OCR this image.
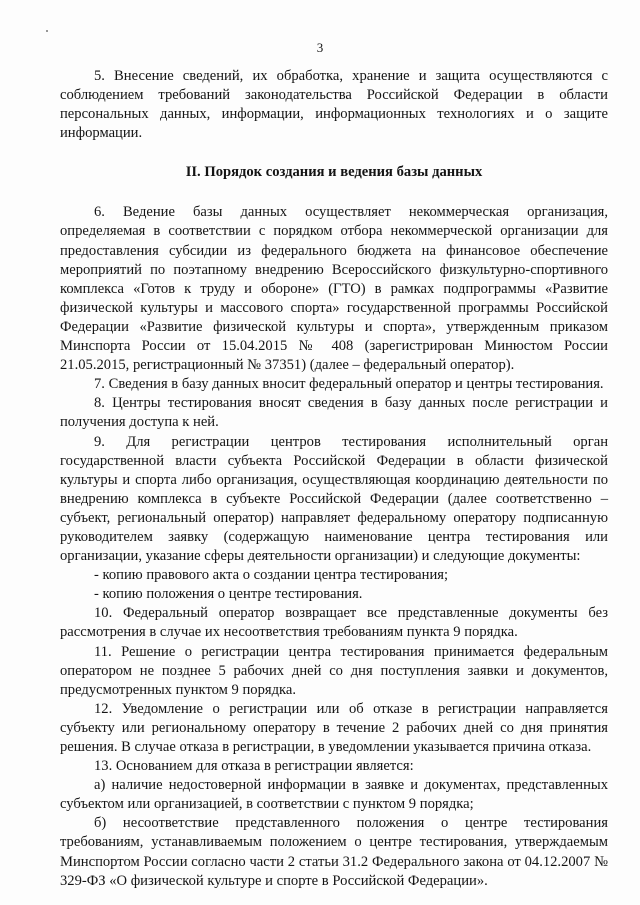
3

5. Внесение сведений, их обработка, хранение и защита осуществляются с соблюдением требований законодательства Российской Федерации в области персональных данных, информации, информационных технологиях и о защите информации.

II. Порядок создания и ведения базы данных

6. Ведение базы данных осуществляет некоммерческая организация, определяемая в соответствии с порядком отбора некоммерческой организации для предоставления субсидии из федерального бюджета на финансовое обеспечение мероприятий по поэтапному внедрению Всероссийского физкультурно-спортивного комплекса «Готов к труду и обороне» (ГТО) в рамках подпрограммы «Развитие физической культуры и массового спорта» государственной программы Российской Федерации «Развитие физической культуры и спорта», утвержденным приказом Минспорта России от 15.04.2015 № 408 (зарегистрирован Минюстом России 21.05.2015, регистрационный № 37351) (далее – федеральный оператор).

7. Сведения в базу данных вносит федеральный оператор и центры тестирования.

8. Центры тестирования вносят сведения в базу данных после регистрации и получения доступа к ней.

9. Для регистрации центров тестирования исполнительный орган государственной власти субъекта Российской Федерации в области физической культуры и спорта либо организация, осуществляющая координацию деятельности по внедрению комплекса в субъекте Российской Федерации (далее соответственно – субъект, региональный оператор) направляет федеральному оператору подписанную руководителем заявку (содержащую наименование центра тестирования или организации, указание сферы деятельности организации) и следующие документы:

- копию правового акта о создании центра тестирования;

- копию положения о центре тестирования.

10. Федеральный оператор возвращает все представленные документы без рассмотрения в случае их несоответствия требованиям пункта 9 порядка.

11. Решение о регистрации центра тестирования принимается федеральным оператором не позднее 5 рабочих дней со дня поступления заявки и документов, предусмотренных пунктом 9 порядка.

12. Уведомление о регистрации или об отказе в регистрации направляется субъекту или региональному оператору в течение 2 рабочих дней со дня принятия решения. В случае отказа в регистрации, в уведомлении указывается причина отказа.

13. Основанием для отказа в регистрации является:

а) наличие недостоверной информации в заявке и документах, представленных субъектом или организацией, в соответствии с пунктом 9 порядка;

б) несоответствие представленного положения о центре тестирования требованиям, устанавливаемым положением о центре тестирования, утверждаемым Минспортом России согласно части 2 статьи 31.2 Федерального закона от 04.12.2007 № 329-ФЗ «О физической культуре и спорте в Российской Федерации».
